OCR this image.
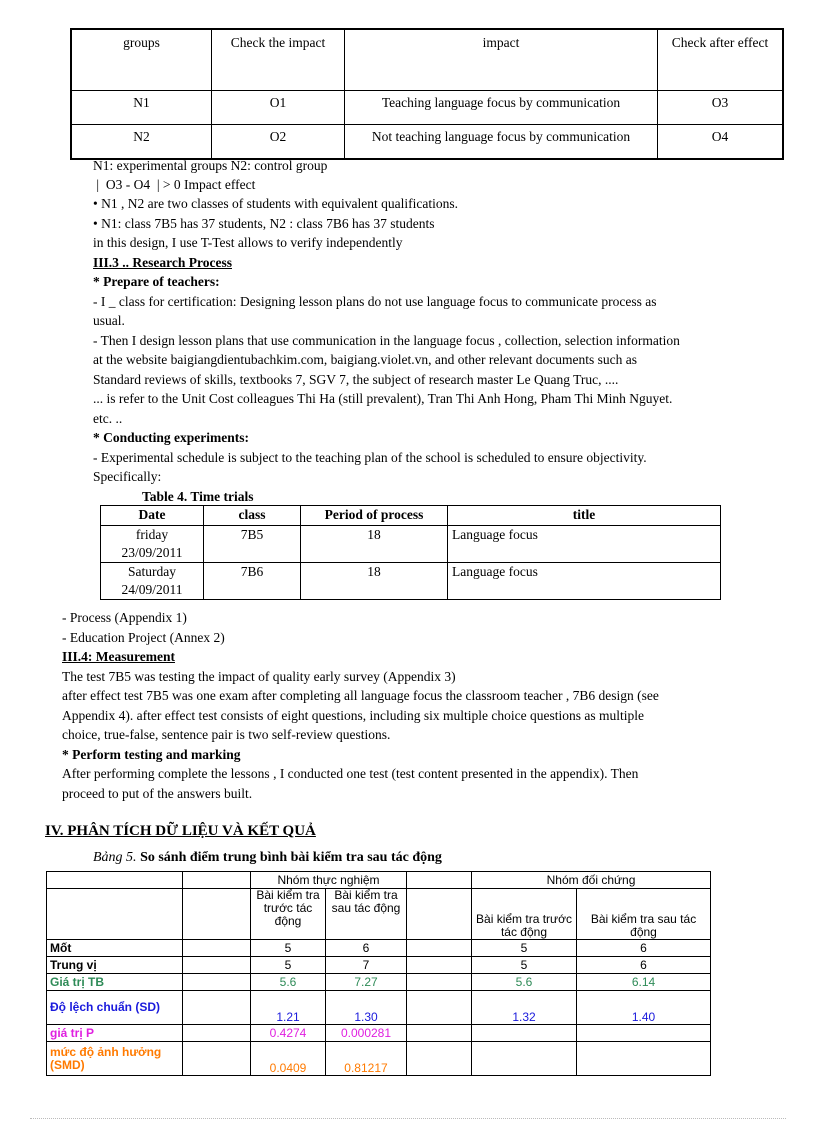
groups	Check the impact	impact	Check after effect
N1	O1	Teaching language focus by communication	O3
N2	O2	Not teaching language focus by communication	O4
N1: experimental groups N2: control group
|  O3 - O4  | > 0 Impact effect
• N1 , N2 are two classes of students with equivalent qualifications.
• N1: class 7B5 has 37 students, N2 : class 7B6 has 37 students
in this design, I use T-Test allows to verify independently
III.3 .. Research Process
* Prepare of teachers:
- I _ class for certification: Designing lesson plans do not use language focus to communicate process as
usual.
- Then I design lesson plans that use communication in the language focus , collection, selection information
at the website baigiangdientubachkim.com, baigiang.violet.vn, and other relevant documents such as
Standard reviews of skills, textbooks 7, SGV 7, the subject of research master Le Quang Truc, ....
... is refer to the Unit Cost colleagues Thi Ha (still prevalent), Tran Thi Anh Hong, Pham Thi Minh Nguyet.
etc. ..
* Conducting experiments:
- Experimental schedule is subject to the teaching plan of the school is scheduled to ensure objectivity.
Specifically:
Table 4. Time trials
Date	class	Period of process	title

friday
23/09/2011	7B5	18	Language focus

Saturday
24/09/2011	7B6	18	Language focus
- Process (Appendix 1)
- Education Project (Annex 2)
III.4: Measurement
The test 7B5 was testing the impact of quality early survey (Appendix 3)
after effect test 7B5 was one exam after completing all language focus the classroom teacher , 7B6 design (see
Appendix 4). after effect test consists of eight questions, including six multiple choice questions as multiple
choice, true-false, sentence pair is two self-review questions.
* Perform testing and marking
After performing complete the lessons , I conducted one test (test content presented in the appendix). Then
proceed to put of the answers built.
IV. PHÂN TÍCH DỮ LIỆU VÀ KẾT QUẢ
Bảng 5. So sánh điểm trung bình bài kiểm tra sau tác động
		Nhóm thực nghiệm			Nhóm đối chứng	
		Bài kiểm tra trước tác động	Bài kiểm tra sau tác động		Bài kiểm tra trước tác động	Bài kiểm tra sau tác động
Mốt		5	6		5	6
Trung vị		5	7		5	6
Giá trị TB		5.6	7.27		5.6	6.14
Độ lệch chuẩn (SD)		1.21	1.30		1.32	1.40
giá trị P		0.4274	0.000281			
mức độ ảnh hưởng (SMD)		0.0409	0.81217			
